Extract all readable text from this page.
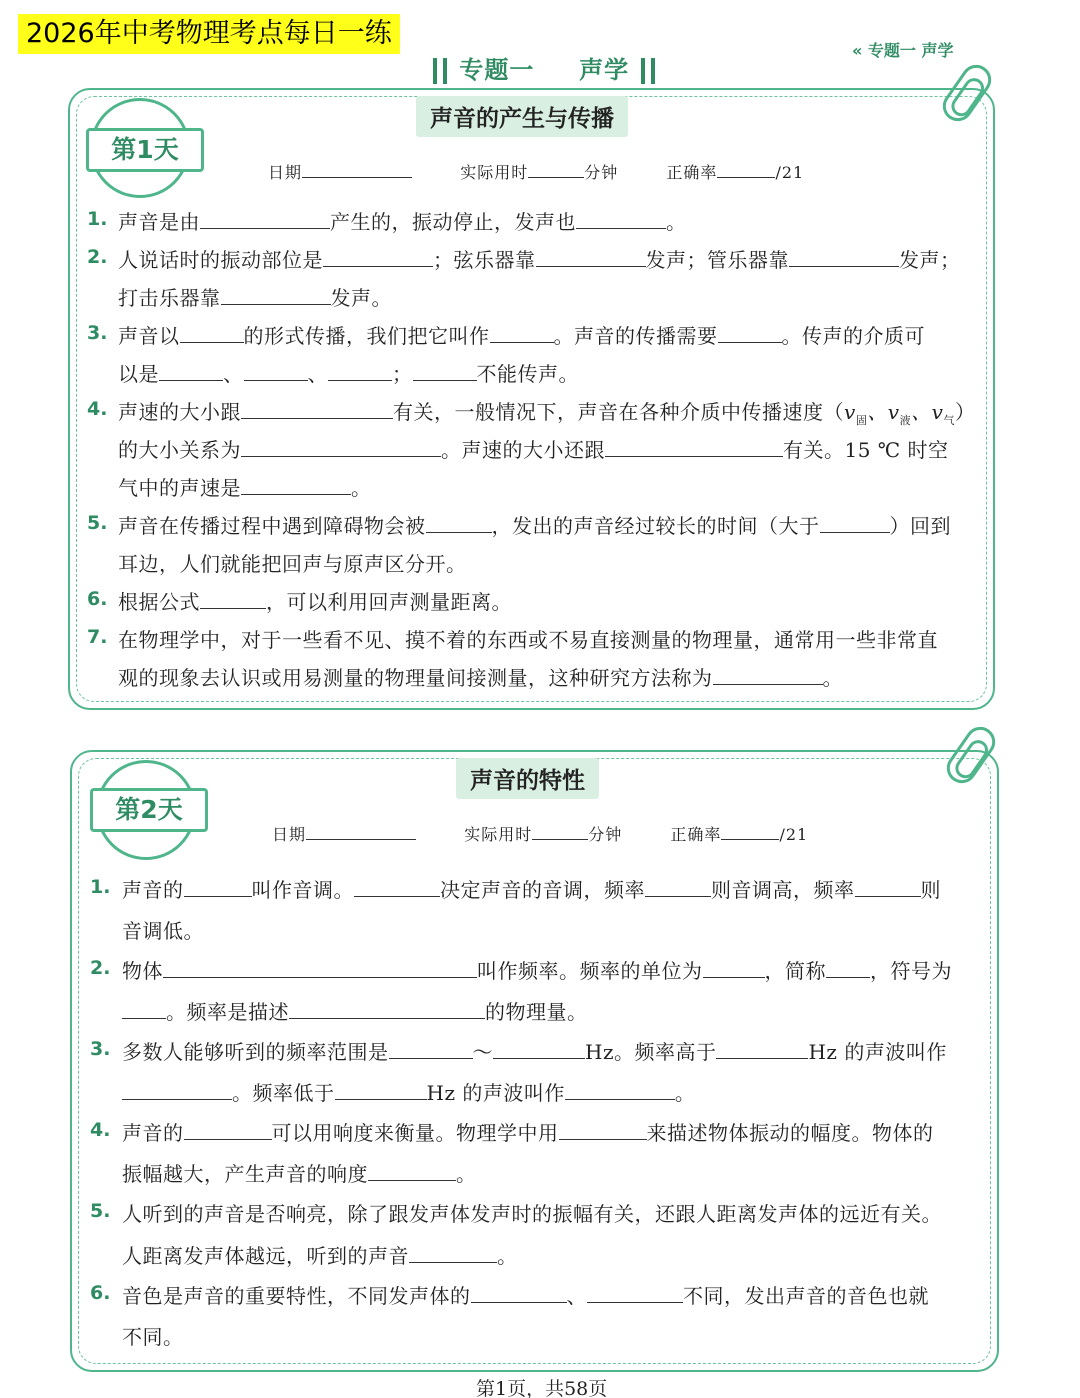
2026年中考物理考点每日一练
专题一 声学
« 专题一 声学
第1天
声音的产生与传播
日期	实际用时	分钟	正确率	/21
1. 声音是由	产生的，振动停止，发声也	。
2. 人说话时的振动部位是	；弦乐器靠	发声；管乐器靠	发声；
打击乐器靠	发声。
3. 声音以	的形式传播，我们把它叫作	。声音的传播需要	。传声的介质可
以是	、	、	；	不能传声。
4. 声速的大小跟	有关，一般情况下，声音在各种介质中传播速度（$v_固$、$v_液$、$v_气$）
的大小关系为	。声速的大小还跟	有关。15 ℃ 时空
气中的声速是	。
5. 声音在传播过程中遇到障碍物会被	，发出的声音经过较长的时间（大于	）回到
耳边，人们就能把回声与原声区分开。
6. 根据公式	，可以利用回声测量距离。
7. 在物理学中，对于一些看不见、摸不着的东西或不易直接测量的物理量，通常用一些非常直
观的现象去认识或用易测量的物理量间接测量，这种研究方法称为	。
第2天
声音的特性
日期	实际用时	分钟	正确率	/21
1. 声音的	叫作音调。	决定声音的音调，频率	则音调高，频率	则
音调低。
2. 物体	叫作频率。频率的单位为	，简称 ，符号为
。频率是描述	的物理量。
3. 多数人能够听到的频率范围是	～	Hz。频率高于	Hz 的声波叫作
。频率低于	Hz 的声波叫作	。
4. 声音的	可以用响度来衡量。物理学中用	来描述物体振动的幅度。物体的
振幅越大，产生声音的响度	。
5. 人听到的声音是否响亮，除了跟发声体发声时的振幅有关，还跟人距离发声体的远近有关。
人距离发声体越远，听到的声音	。
6. 音色是声音的重要特性，不同发声体的	、	不同，发出声音的音色也就
不同。
第1页，共58页
